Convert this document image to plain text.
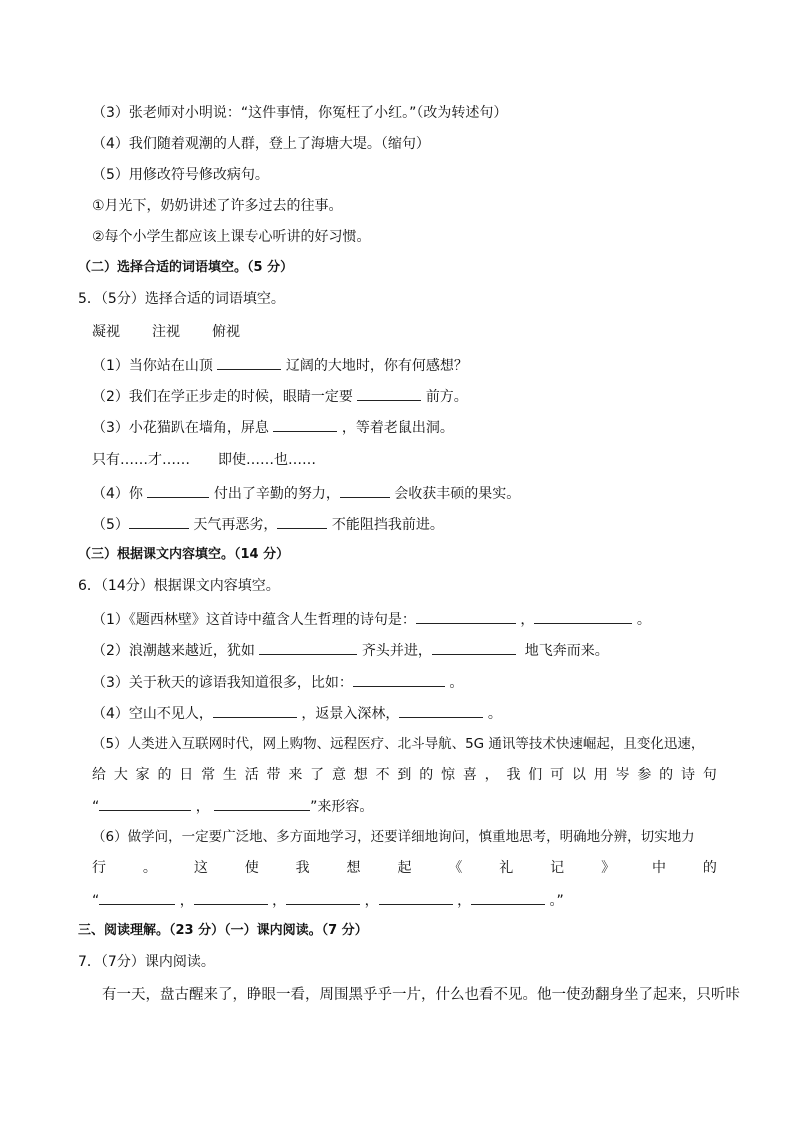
（3）张老师对小明说：“这件事情，你冤枉了小红。”（改为转述句）
（4）我们随着观潮的人群，登上了海塘大堤。（缩句）
（5）用修改符号修改病句。
①月光下，奶奶讲述了许多过去的往事。
②每个小学生都应该上课专心听讲的好习惯。
（二）选择合适的词语填空。（5 分）
5．（5分）选择合适的词语填空。
凝视 注视 俯视
（1）当你站在山顶	辽阔的大地时，你有何感想？
（2）我们在学正步走的时候，眼睛一定要	前方。
（3）小花猫趴在墙角，屏息	，等着老鼠出洞。
只有……才…… 即使……也……
（4）你	付出了辛勤的努力，	会收获丰硕的果实。
（5）	天气再恶劣，	不能阻挡我前进。
（三）根据课文内容填空。（14 分）
6．（14分）根据课文内容填空。
（1）《题西林壁》这首诗中蕴含人生哲理的诗句是：	，	。
（2）浪潮越来越近，犹如	齐头并进，	地飞奔而来。
（3）关于秋天的谚语我知道很多，比如：	。
（4）空山不见人，	，返景入深林，	。
（5）人类进入互联网时代，网上购物、远程医疗、北斗导航、5G 通讯等技术快速崛起，且变化迅速，
给 大 家 的 日 常 生 活 带 来 了 意 想 不 到 的 惊 喜 ， 我 们 可 以 用 岑 参 的 诗 句
“	，	”来形容。
（6）做学问，一定要广泛地、多方面地学习，还要详细地询问，慎重地思考，明确地分辨，切实地力
行	。	这	使	我	想	起	《	礼	记	》	中	的
“	，	，	，	，	。”
三、阅读理解。（23 分）（一）课内阅读。（7 分）
7．（7分）课内阅读。
有一天，盘古醒来了，睁眼一看，周围黑乎乎一片，什么也看不见。他一使劲翻身坐了起来，只听咔
